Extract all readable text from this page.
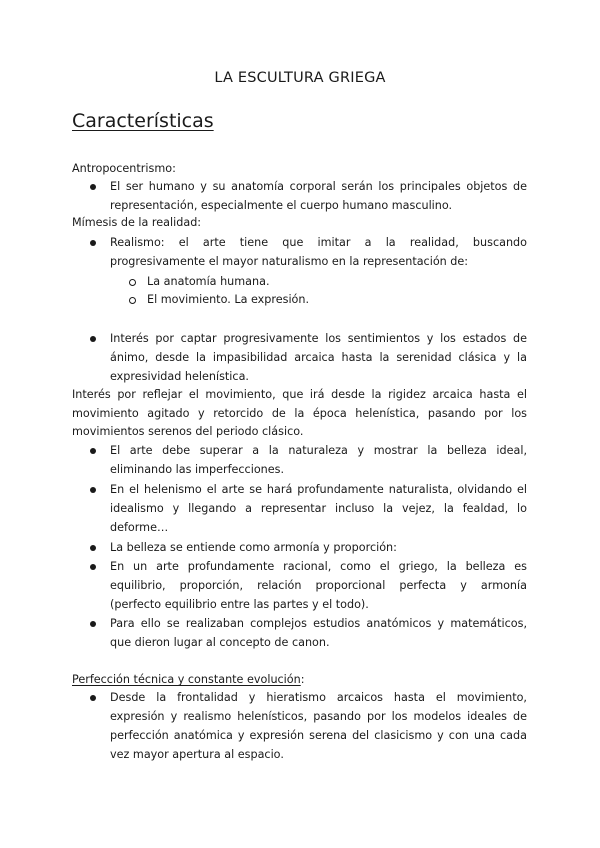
LA ESCULTURA GRIEGA
Características
Antropocentrismo:
El ser humano y su anatomía corporal serán los principales objetos de
representación, especialmente el cuerpo humano masculino.
Mímesis de la realidad:
Realismo: el arte tiene que imitar a la realidad, buscando
progresivamente el mayor naturalismo en la representación de:
La anatomía humana.
El movimiento. La expresión.
Interés por captar progresivamente los sentimientos y los estados de
ánimo, desde la impasibilidad arcaica hasta la serenidad clásica y la
expresividad helenística.
Interés por reflejar el movimiento, que irá desde la rigidez arcaica hasta el
movimiento agitado y retorcido de la época helenística, pasando por los
movimientos serenos del periodo clásico.
El arte debe superar a la naturaleza y mostrar la belleza ideal,
eliminando las imperfecciones.
En el helenismo el arte se hará profundamente naturalista, olvidando el
idealismo y llegando a representar incluso la vejez, la fealdad, lo
deforme…
La belleza se entiende como armonía y proporción:
En un arte profundamente racional, como el griego, la belleza es
equilibrio, proporción, relación proporcional perfecta y armonía
(perfecto equilibrio entre las partes y el todo).
Para ello se realizaban complejos estudios anatómicos y matemáticos,
que dieron lugar al concepto de canon.
Perfección técnica y constante evolución:
Desde la frontalidad y hieratismo arcaicos hasta el movimiento,
expresión y realismo helenísticos, pasando por los modelos ideales de
perfección anatómica y expresión serena del clasicismo y con una cada
vez mayor apertura al espacio.
